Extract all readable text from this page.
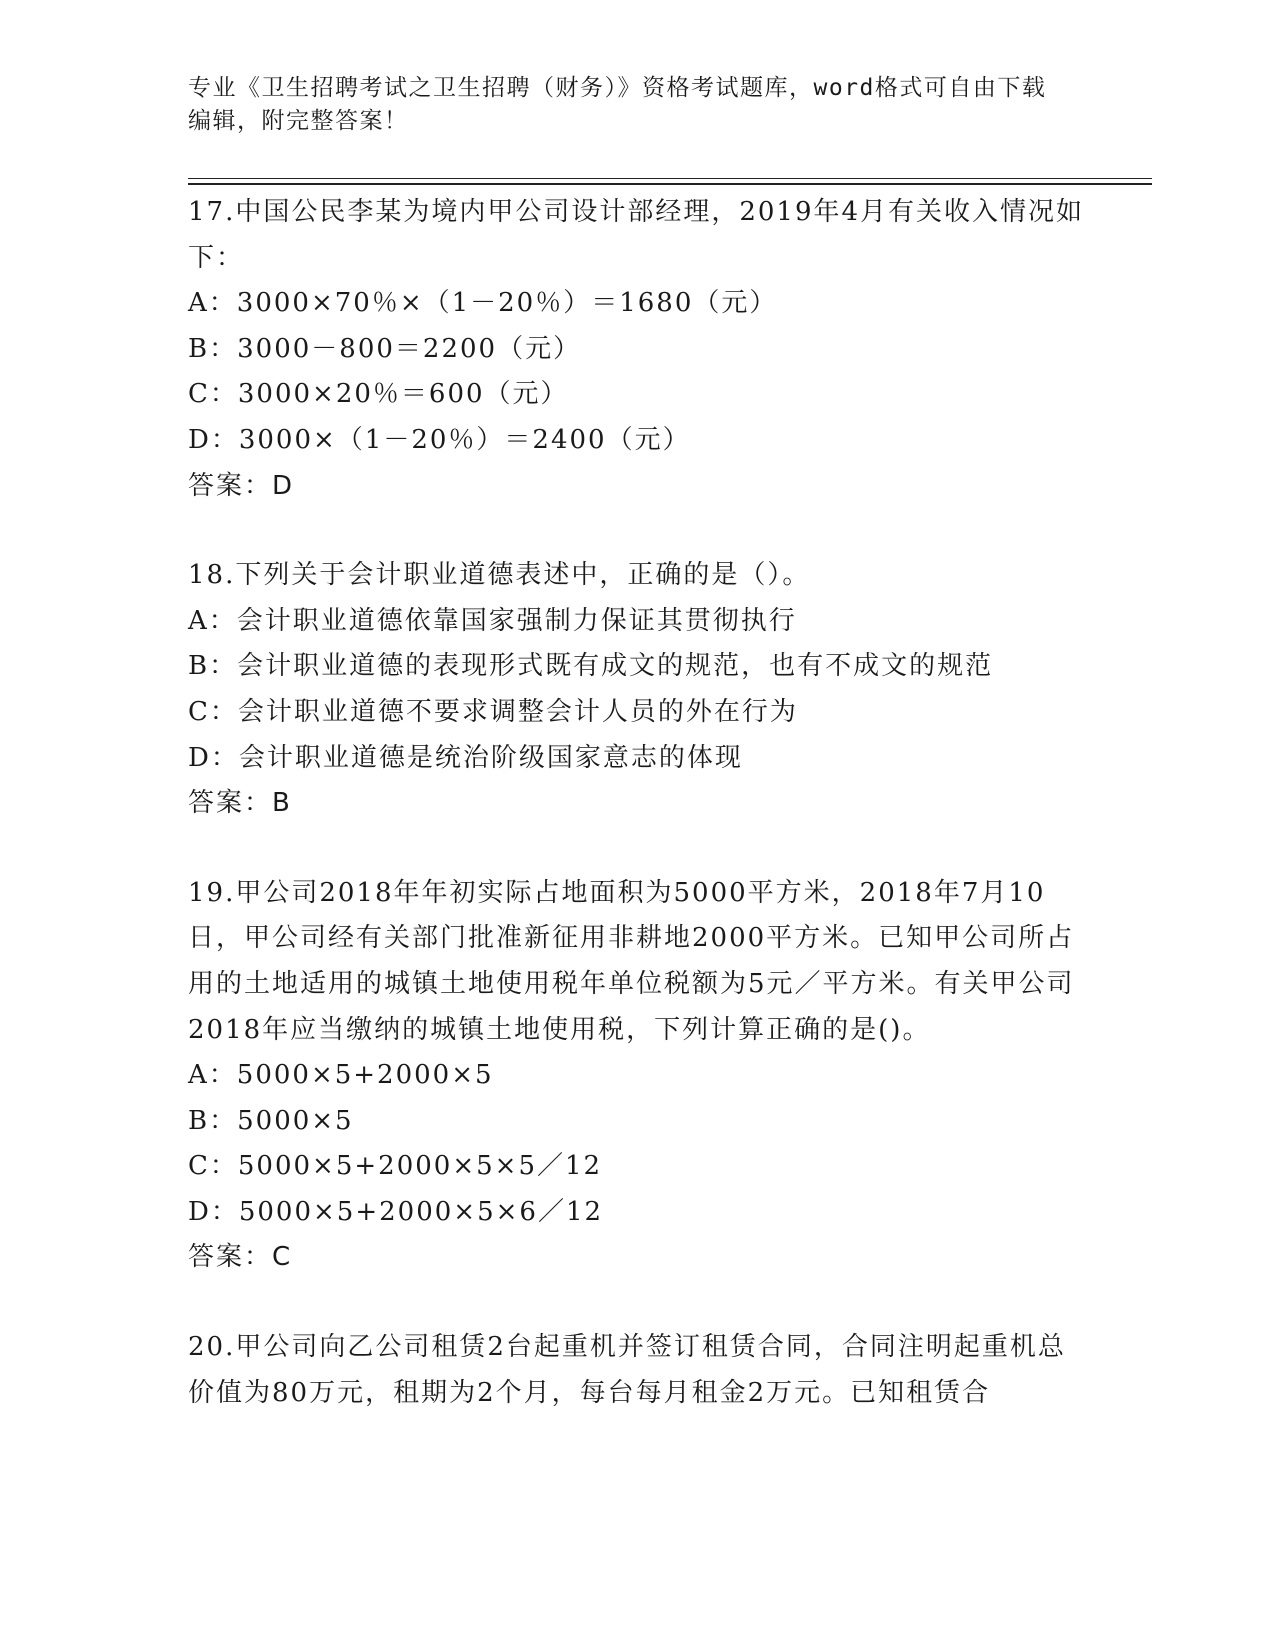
专业《卫生招聘考试之卫生招聘（财务）》资格考试题库，word格式可自由下载
编辑，附完整答案！
17.中国公民李某为境内甲公司设计部经理，2019年4月有关收入情况如下：
A：3000×70％×（1－20％）＝1680（元）
B：3000－800＝2200（元）
C：3000×20％＝600（元）
D：3000×（1－20％）＝2400（元）
答案：D
18.下列关于会计职业道德表述中，正确的是（）。
A：会计职业道德依靠国家强制力保证其贯彻执行
B：会计职业道德的表现形式既有成文的规范，也有不成文的规范
C：会计职业道德不要求调整会计人员的外在行为
D：会计职业道德是统治阶级国家意志的体现
答案：B
19.甲公司2018年年初实际占地面积为5000平方米，2018年7月10日，甲公司经有关部门批准新征用非耕地2000平方米。已知甲公司所占用的土地适用的城镇土地使用税年单位税额为5元／平方米。有关甲公司2018年应当缴纳的城镇土地使用税，下列计算正确的是()。
A：5000×5+2000×5
B：5000×5
C：5000×5+2000×5×5／12
D：5000×5+2000×5×6／12
答案：C
20.甲公司向乙公司租赁2台起重机并签订租赁合同，合同注明起重机总价值为80万元，租期为2个月，每台每月租金2万元。已知租赁合
